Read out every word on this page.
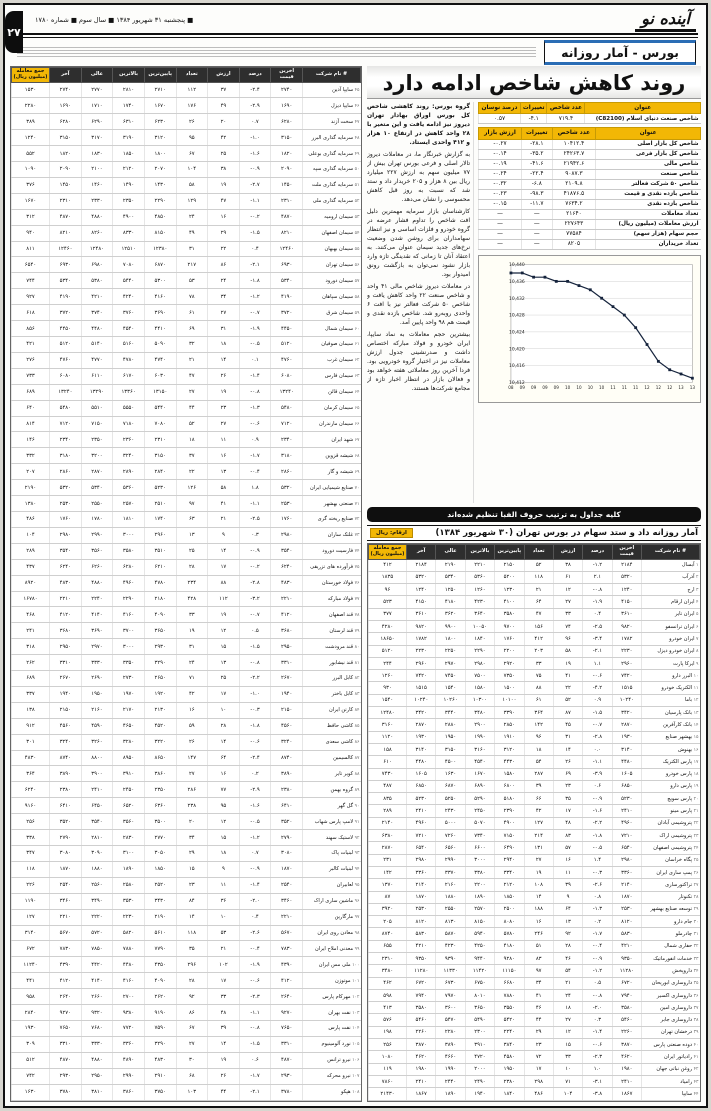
۲۷
آینده نو
■ پنجشنبه ۳۱ شهریور ۱۳۸۴ ■ سال سوم ■ شماره ۱۷۸۰
بورس - آمار روزانه
روند کاهش شاخص ادامه دارد
عنوان	عدد شاخص	تغییرات	درصد نوسان
شاخص صنعت دنیای اسلام (C82100)	۷۱۹.۴	-۴.۱	۰.۵۷
عنوان	عدد شاخص	تغییرات	ارزش بازار
شاخص کل بازار اصلی	۱۰۴۱۲.۴	-۲۸.۱	-۰.۲۷
شاخص کل بازار فرعی	۲۴۲۶۳.۷	-۳۵.۲	-۰.۱۴
شاخص مالی	۲۱۹۴۲.۶	-۴۱.۶	-۰.۱۹
شاخص صنعت	۹۰۸۷.۳	-۲۲.۴	-۰.۲۴
شاخص ۵۰ شرکت فعالتر	۲۱۰۹.۸	-۶.۸	-۰.۳۲
شاخص بازده نقدی و قیمت	۴۱۸۷۶.۵	-۹۸.۳	-۰.۲۳
شاخص بازده نقدی	۷۶۳۴.۲	-۱۱.۷	-۰.۱۵
تعداد معاملات	۲۱۶۴۰	—	—
ارزش معاملات (میلیون ریال)	۲۲۷۶۴۳	—	—
حجم سهام (هزار سهم)	۷۷۵۸۴	—	—
تعداد خریداران	۸۲۰۵	—	—
10,440
10,436
10,432
10,428
10,424
10,420
10,416
10,412
08 09 09 09 09 10 10 10 10 11 11 11 12 12 12 13 13

گروه بورس: روند کاهشی شاخص کل بورس اوراق بهادار تهران دیروز نیز ادامه یافت و این متغیر با ۲۸ واحد کاهش در ارتفاع ۱۰ هزار و ۴۱۲ واحدی ایستاد.

به گزارش خبرنگار ما، در معاملات دیروز تالار اصلی و فرعی بورس تهران بیش از ۷۷ میلیون سهم به ارزش ۲۲۷ میلیارد ریال بین ۸ هزار و ۲۰۵ خریدار داد و ستد شد که نسبت به روز قبل کاهش محسوسی را نشان می‌دهد.

کارشناسان بازار سرمایه مهمترین دلیل افت شاخص را تداوم فشار عرضه در گروه خودرو و فلزات اساسی و نیز انتظار سهامداران برای روشن شدن وضعیت نرخ‌های جدید سیمان عنوان می‌کنند. به اعتقاد آنان تا زمانی که نقدینگی تازه وارد بازار نشود نمی‌توان به بازگشت رونق امیدوار بود.

در معاملات دیروز شاخص مالی ۴۱ واحد و شاخص صنعت ۲۲ واحد کاهش یافت و شاخص ۵۰ شرکت فعالتر نیز با افت ۶ واحدی روبه‌رو شد. شاخص بازده نقدی و قیمت هم ۹۸ واحد پایین آمد.

بیشترین حجم معاملات به نماد سایپا، ایران خودرو و فولاد مبارکه اختصاص داشت و صدرنشینی جدول ارزش معاملات نیز در اختیار گروه خودرویی بود. فردا آخرین روز معاملاتی هفته خواهد بود و فعالان بازار در انتظار اخبار تازه از مجامع شرکت‌ها هستند.

کلیه جداول به ترتیب حروف الفبا تنظیم شده‌اند
آمار روزانه داد و ستد سهام در بورس تهران (۳۰ شهریور ۱۳۸۴)
ارقام: ریال
# نام شرکت	آخرین قیمت	درصد	ارزش	تعداد	پایین‌ترین	بالاترین	عالی	آخر	جمع معامله (میلیون ریال)
۱ آبسال	۲۱۸۴	-۱.۲	۳۸	۵۲	۲۱۵۰	۲۲۱۰	۲۱۹۰	۲۱۸۴	۴۱۲
۲ آذرآب	۵۳۲۰	۲.۱	۶۱	۱۱۸	۵۲۰۰	۵۳۶۰	۵۳۴۰	۵۳۲۰	۱۸۳۵
۳ ارج	۱۲۴۰	-۰.۸	۱۲	۲۱	۱۲۳۰	۱۲۶۰	۱۲۵۰	۱۲۴۰	۹۶
۴ ایران ارقام	۴۱۵۰	-۱.۹	۲۷	۶۴	۴۱۰۰	۴۲۳۰	۴۱۸۰	۴۱۵۰	۵۲۳
۵ ایران تایر	۳۶۱۰	۰.۴	۳۳	۴۷	۳۵۸۰	۳۶۴۰	۳۶۲۰	۳۶۱۰	۳۷۷
۶ ایران ترانسفو	۹۸۲۰	-۲.۵	۷۴	۱۵۶	۹۷۰۰	۱۰۰۵۰	۹۹۰۰	۹۸۲۰	۴۲۸۰
۷ ایران خودرو	۱۷۸۲	-۳.۴	۹۶	۴۱۲	۱۷۶۰	۱۸۴۰	۱۸۰۰	۱۷۸۲	۱۸۶۵۰
۸ ایران خودرو دیزل	۲۲۳۰	-۲.۱	۵۸	۲۰۳	۲۲۰۰	۲۲۹۰	۲۲۵۰	۲۲۳۰	۵۱۲۰
۹ ایرکا پارت	۲۹۶۰	۱.۱	۱۹	۳۳	۲۹۲۰	۲۹۸۰	۲۹۷۰	۲۹۶۰	۲۴۴
۱۰ البرز دارو	۷۴۲۰	-۰.۶	۴۱	۷۵	۷۳۵۰	۷۵۰۰	۷۴۵۰	۷۴۲۰	۱۲۶۰
۱۱ الکتریک خودرو	۱۵۱۵	-۴.۲	۲۲	۸۸	۱۵۰۰	۱۵۸۰	۱۵۴۰	۱۵۱۵	۹۳۰
۱۲ باما	۱۰۲۴۰	۰.۹	۵۲	۶۱	۱۰۱۰۰	۱۰۳۰۰	۱۰۲۶۰	۱۰۲۴۰	۱۵۴۰
۱۳ بانک پارسیان	۳۴۲۰	-۱.۵	۸۷	۳۶۴	۳۳۹۰	۳۴۸۰	۳۴۴۰	۳۴۲۰	۱۲۴۸۰
۱۴ بانک کارآفرین	۲۸۷۰	-۰.۷	۴۵	۱۴۲	۲۸۵۰	۲۹۰۰	۲۸۸۰	۲۸۷۰	۳۱۶۰
۱۵ بهشهر صنایع	۱۹۳۰	-۲.۸	۳۱	۹۶	۱۹۱۰	۱۹۹۰	۱۹۵۰	۱۹۳۰	۱۱۲۰
۱۶ بهنوش	۳۱۴۰	۰.۰	۱۴	۱۸	۳۱۲۰	۳۱۶۰	۳۱۵۰	۳۱۴۰	۱۵۸
۱۷ پارس الکتریک	۴۴۸۰	-۱.۱	۲۶	۵۴	۴۴۳۰	۴۵۴۰	۴۵۰۰	۴۴۸۰	۶۱۰
۱۸ پارس خودرو	۱۶۰۵	-۳.۹	۶۹	۲۸۷	۱۵۸۰	۱۶۷۰	۱۶۳۰	۱۶۰۵	۷۴۳۰
۱۹ پارس دارو	۶۸۵۰	۰.۶	۲۳	۳۹	۶۸۰۰	۶۸۹۰	۶۸۷۰	۶۸۵۰	۴۸۷
۲۰ پارس سویچ	۵۲۳۰	-۰.۹	۳۵	۶۶	۵۱۸۰	۵۲۹۰	۵۲۵۰	۵۲۳۰	۸۳۵
۲۱ پارس مینو	۲۴۱۰	-۱.۶	۱۷	۴۲	۲۳۹۰	۲۴۵۰	۲۴۳۰	۲۴۱۰	۲۸۹
۲۲ پتروشیمی آبادان	۴۹۶۰	-۲.۲	۴۸	۱۲۷	۴۹۰۰	۵۰۷۰	۵۰۰۰	۴۹۶۰	۲۱۴۰
۲۳ پتروشیمی اراک	۷۲۱۰	-۱.۸	۸۳	۲۱۴	۷۱۵۰	۷۳۴۰	۷۲۶۰	۷۲۱۰	۶۳۸۰
۲۴ پتروشیمی اصفهان	۶۵۴۰	-۰.۵	۵۷	۱۳۱	۶۴۹۰	۶۶۰۰	۶۵۶۰	۶۵۴۰	۲۸۷۰
۲۵ پگاه خراسان	۲۹۸۰	۱.۴	۱۶	۲۷	۲۹۴۰	۳۰۰۰	۲۹۹۰	۲۹۸۰	۲۳۱
۲۶ پمپ سازی ایران	۳۳۶۰	-۰.۳	۱۱	۱۹	۳۳۴۰	۳۳۸۰	۳۳۷۰	۳۳۶۰	۱۴۲
۲۷ تراکتورسازی	۲۱۴۰	-۲.۶	۳۹	۱۰۸	۲۱۲۰	۲۲۰۰	۲۱۶۰	۲۱۴۰	۱۳۷۰
۲۸ تکنوتار	۱۸۷۰	۰.۸	۹	۱۴	۱۸۵۰	۱۸۹۰	۱۸۸۰	۱۸۷۰	۸۷
۲۹ توسعه صنایع بهشهر	۲۵۳۰	-۱.۳	۶۴	۱۸۸	۲۵۰۰	۲۵۷۰	۲۵۵۰	۲۵۳۰	۳۹۲۰
۳۰ جام دارو	۸۱۲۰	۰.۲	۱۳	۱۶	۸۰۸۰	۸۱۵۰	۸۱۳۰	۸۱۲۰	۲۰۵
۳۱ چادرملو	۵۸۳۰	-۱.۷	۹۲	۲۴۶	۵۷۸۰	۵۹۴۰	۵۸۷۰	۵۸۳۰	۸۷۴۰
۳۲ حفاری شمال	۴۲۱۰	-۰.۴	۲۸	۵۱	۴۱۸۰	۴۲۵۰	۴۲۳۰	۴۲۱۰	۶۵۵
۳۳ خدمات انفورماتیک	۹۳۵۰	-۰.۹	۴۶	۸۳	۹۲۸۰	۹۴۴۰	۹۳۹۰	۹۳۵۰	۲۳۱۰
۳۴ داروپخش	۱۱۲۸۰	-۱.۲	۵۴	۹۷	۱۱۱۵۰	۱۱۴۲۰	۱۱۳۳۰	۱۱۲۸۰	۳۴۸۰
۳۵ داروسازی ابوریحان	۶۷۲۰	۰.۵	۲۱	۳۴	۶۶۸۰	۶۷۵۰	۶۷۳۰	۶۷۲۰	۴۶۲
۳۶ داروسازی اکسیر	۷۹۴۰	-۰.۸	۲۴	۴۱	۷۸۸۰	۸۰۱۰	۷۹۷۰	۷۹۴۰	۵۹۸
۳۷ داروسازی امین	۳۵۸۰	-۲.۰	۱۸	۴۶	۳۵۵۰	۳۶۵۰	۳۶۰۰	۳۵۸۰	۴۱۳
۳۸ داروسازی جابر	۵۴۶۰	۰.۳	۲۷	۴۴	۵۴۲۰	۵۴۹۰	۵۴۷۰	۵۴۶۰	۵۷۶
۳۹ درخشان تهران	۲۲۶۰	-۱.۴	۱۲	۲۹	۲۲۴۰	۲۳۰۰	۲۲۸۰	۲۲۶۰	۱۹۸
۴۰ دوده صنعتی پارس	۳۸۷۰	-۰.۶	۱۵	۲۳	۳۸۴۰	۳۹۱۰	۳۸۹۰	۳۸۷۰	۲۵۶
۴۱ رادیاتور ایران	۴۶۲۰	-۲.۳	۳۳	۷۲	۴۵۸۰	۴۷۲۰	۴۶۶۰	۴۶۲۰	۱۰۸۰
۴۲ روغن نباتی جهان	۱۹۸۰	۱.۰	۱۰	۱۷	۱۹۵۰	۲۰۰۰	۱۹۹۰	۱۹۸۰	۱۱۹
۴۳ زامیاد	۲۴۱۰	-۳.۱	۷۱	۲۹۸	۲۳۸۰	۲۴۹۰	۲۴۴۰	۲۴۱۰	۷۸۶۰
۴۴ سایپا	۱۸۶۷	-۳.۸	۱۰۴	۴۸۶	۱۸۴۰	۱۹۴۰	۱۸۹۰	۱۸۶۷	۲۱۴۳۰
# نام شرکت	آخرین قیمت	درصد	ارزش	تعداد	پایین‌ترین	بالاترین	عالی	آخر	جمع معامله (میلیون ریال)
۴۵ سایپا آذین	۲۷۴۰	-۲.۴	۳۷	۱۱۲	۲۷۱۰	۲۸۱۰	۲۷۷۰	۲۷۴۰	۱۵۳۰
۴۶ سایپا دیزل	۱۶۹۰	-۲.۹	۴۹	۱۷۶	۱۶۷۰	۱۷۴۰	۱۷۱۰	۱۶۹۰	۲۲۸۰
۴۷ سخت آژند	۶۲۸۰	۰.۷	۲۰	۲۶	۶۲۳۰	۶۳۱۰	۶۲۹۰	۶۲۸۰	۳۸۹
۴۸ سرمایه گذاری البرز	۳۱۵۰	-۱.۰	۴۲	۹۵	۳۱۲۰	۳۱۹۰	۳۱۷۰	۳۱۵۰	۱۲۴۰
۴۹ سرمایه گذاری بوعلی	۱۸۲۰	-۱.۶	۲۵	۶۷	۱۸۰۰	۱۸۵۰	۱۸۳۰	۱۸۲۰	۵۵۲
۵۰ سرمایه گذاری سپه	۲۰۹۰	-۰.۹	۳۸	۱۰۴	۲۰۷۰	۲۱۲۰	۲۱۰۰	۲۰۹۰	۱۰۹۰
۵۱ سرمایه گذاری ملت	۱۴۵۰	-۲.۷	۱۹	۵۸	۱۴۳۰	۱۴۹۰	۱۴۶۰	۱۴۵۰	۳۷۶
۵۲ سرمایه گذاری ملی	۲۳۱۰	-۱.۱	۴۷	۱۲۹	۲۲۹۰	۲۳۵۰	۲۳۳۰	۲۳۱۰	۱۶۷۰
۵۳ سیمان ارومیه	۴۸۷۰	-۰.۲	۱۶	۲۴	۴۸۵۰	۴۹۰۰	۴۸۸۰	۴۸۷۰	۳۱۲
۵۴ سیمان اصفهان	۸۲۱۰	-۱.۵	۲۹	۴۹	۸۱۵۰	۸۳۳۰	۸۲۶۰	۸۲۱۰	۹۴۰
۵۵ سیمان بهبهان	۱۲۴۶۰	۰.۴	۲۲	۳۱	۱۲۳۸۰	۱۲۵۱۰	۱۲۴۸۰	۱۲۴۶۰	۸۱۱
۵۶ سیمان تهران	۶۹۳۰	-۲.۱	۸۶	۲۱۷	۶۸۷۰	۷۰۸۰	۶۹۸۰	۶۹۳۰	۶۵۴۰
۵۷ سیمان دورود	۵۳۴۰	-۱.۸	۲۴	۵۳	۵۳۰۰	۵۴۴۰	۵۳۸۰	۵۳۴۰	۷۴۴
۵۸ سیمان سپاهان	۴۱۹۰	-۱.۲	۳۴	۷۸	۴۱۶۰	۴۲۴۰	۴۲۱۰	۴۱۹۰	۹۲۷
۵۹ سیمان شرق	۳۷۲۰	-۰.۷	۲۷	۶۱	۳۶۹۰	۳۷۶۰	۳۷۴۰	۳۷۲۰	۶۱۸
۶۰ سیمان شمال	۴۴۵۰	-۱.۹	۳۱	۶۹	۴۴۱۰	۴۵۴۰	۴۴۸۰	۴۴۵۰	۸۵۶
۶۱ سیمان صوفیان	۵۱۲۰	-۰.۵	۱۸	۳۲	۵۰۹۰	۵۱۶۰	۵۱۴۰	۵۱۲۰	۴۲۱
۶۲ سیمان غرب	۴۷۶۰	۰.۱	۱۴	۲۱	۴۷۴۰	۴۷۸۰	۴۷۷۰	۴۷۶۰	۲۷۶
۶۳ سیمان فارس	۶۰۸۰	-۱.۴	۲۶	۴۷	۶۰۳۰	۶۱۷۰	۶۱۱۰	۶۰۸۰	۷۳۳
۶۴ سیمان قائن	۱۳۲۴۰	-۰.۸	۱۹	۲۷	۱۳۱۵۰	۱۳۳۶۰	۱۳۲۹۰	۱۳۲۴۰	۶۸۹
۶۵ سیمان کرمان	۵۴۸۰	-۱.۳	۲۳	۴۴	۵۴۴۰	۵۵۵۰	۵۵۱۰	۵۴۸۰	۶۴۰
۶۶ سیمان مازندران	۷۱۲۰	-۰.۶	۲۷	۵۲	۷۰۸۰	۷۱۸۰	۷۱۵۰	۷۱۲۰	۸۱۴
۶۷ شهد ایران	۲۳۴۰	۰.۹	۱۱	۱۸	۲۳۱۰	۲۳۶۰	۲۳۵۰	۲۳۴۰	۱۴۶
۶۸ شیشه قزوین	۳۱۸۰	-۱.۷	۱۶	۳۷	۳۱۵۰	۳۲۴۰	۳۲۰۰	۳۱۸۰	۳۳۲
۶۹ شیشه و گاز	۲۸۶۰	-۰.۴	۱۳	۲۲	۲۸۴۰	۲۸۹۰	۲۸۷۰	۲۸۶۰	۲۰۷
۷۰ صنایع شیمیایی ایران	۵۳۲۰	۱.۸	۵۸	۱۲۶	۵۲۳۰	۵۳۶۰	۵۳۴۰	۵۳۲۰	۲۱۹۰
۷۱ صنعتی بهشهر	۲۵۳۰	-۱.۱	۴۱	۹۷	۲۵۱۰	۲۵۷۰	۲۵۵۰	۲۵۳۰	۱۳۸۰
۷۲ صنایع ریخته گری	۱۷۶۰	-۲.۵	۲۱	۶۳	۱۷۴۰	۱۸۱۰	۱۷۸۰	۱۷۶۰	۴۸۶
۷۳ غلتک سازان	۲۹۸۰	۰.۳	۹	۱۳	۲۹۶۰	۳۰۰۰	۲۹۹۰	۲۹۸۰	۱۰۴
۷۴ فارسیت دورود	۳۵۴۰	-۰.۹	۱۴	۲۵	۳۵۱۰	۳۵۸۰	۳۵۶۰	۳۵۴۰	۲۸۹
۷۵ فرآورده های تزریقی	۶۲۴۰	-۰.۲	۱۷	۲۸	۶۲۱۰	۶۲۸۰	۶۲۶۰	۶۲۴۰	۴۳۷
۷۶ فولاد خوزستان	۴۸۳۰	-۲.۸	۸۸	۲۳۴	۴۷۸۰	۴۹۶۰	۴۸۸۰	۴۸۳۰	۸۹۲۰
۷۷ فولاد مبارکه	۲۲۱۰	-۳.۲	۱۱۲	۴۲۸	۲۱۸۰	۲۲۹۰	۲۲۴۰	۲۲۱۰	۱۶۷۸۰
۷۸ قند اصفهان	۴۱۲۰	-۰.۷	۱۹	۳۳	۴۰۹۰	۴۱۶۰	۴۱۴۰	۴۱۲۰	۴۶۸
۷۹ قند لرستان	۳۶۸۰	۰.۵	۱۲	۱۹	۳۶۵۰	۳۷۰۰	۳۶۹۰	۳۶۸۰	۲۴۱
۸۰ قند مرودشت	۲۹۵۰	-۱.۵	۱۵	۳۱	۲۹۳۰	۳۰۰۰	۲۹۷۰	۲۹۵۰	۳۱۸
۸۱ قند نیشابور	۳۳۱۰	-۰.۸	۱۳	۲۴	۳۲۹۰	۳۳۵۰	۳۳۳۰	۳۳۱۰	۲۶۲
۸۲ کابل البرز	۲۶۷۰	-۲.۲	۲۵	۷۱	۲۶۵۰	۲۷۳۰	۲۶۹۰	۲۶۷۰	۶۸۹
۸۳ کابل باختر	۱۹۴۰	-۱.۰	۱۷	۴۲	۱۹۲۰	۱۹۷۰	۱۹۵۰	۱۹۴۰	۳۳۷
۸۴ کارتن ایران	۲۱۵۰	-۰.۳	۱۰	۱۶	۲۱۳۰	۲۱۷۰	۲۱۶۰	۲۱۵۰	۱۳۸
۸۵ کاشی حافظ	۴۵۶۰	-۱.۸	۲۸	۵۹	۴۵۲۰	۴۶۵۰	۴۵۹۰	۴۵۶۰	۹۱۲
۸۶ کاشی سعدی	۳۲۴۰	-۰.۶	۱۴	۲۶	۳۲۲۰	۳۲۸۰	۳۲۶۰	۳۲۴۰	۳۰۱
۸۷ کالسیمین	۸۷۴۰	-۲.۴	۶۴	۱۴۷	۸۶۵۰	۸۹۵۰	۸۸۰۰	۸۷۴۰	۴۸۳۰
۸۸ کویر تایر	۳۸۹۰	۰.۲	۱۶	۲۷	۳۸۶۰	۳۹۱۰	۳۹۰۰	۳۸۹۰	۳۶۴
۸۹ گروه بهمن	۲۳۸۰	-۲.۹	۷۷	۲۸۶	۲۳۵۰	۲۴۵۰	۲۴۱۰	۲۳۸۰	۶۲۴۰
۹۰ گل گهر	۶۴۱۰	-۱.۶	۹۵	۲۳۸	۶۳۶۰	۶۵۲۰	۶۴۵۰	۶۴۱۰	۹۱۶۰
۹۱ لامپ پارس شهاب	۳۵۲۰	-۰.۵	۱۲	۲۰	۳۵۰۰	۳۵۶۰	۳۵۴۰	۳۵۲۰	۲۵۶
۹۲ لاستیک سهند	۲۷۹۰	-۱.۲	۱۵	۳۴	۲۷۷۰	۲۸۳۰	۲۸۱۰	۲۷۹۰	۳۳۸
۹۳ لبنیات پاک	۳۰۸۰	۰.۷	۱۸	۲۹	۳۰۵۰	۳۱۰۰	۳۰۹۰	۳۰۸۰	۳۴۷
۹۴ لبنیات کالبر	۱۸۷۰	-۰.۹	۹	۱۵	۱۸۵۰	۱۸۹۰	۱۸۸۰	۱۸۷۰	۱۱۸
۹۵ لعابیران	۲۵۴۰	-۱.۴	۱۱	۲۳	۲۵۲۰	۲۵۸۰	۲۵۶۰	۲۵۴۰	۲۲۶
۹۶ ماشین سازی اراک	۳۴۶۰	-۲.۰	۳۶	۸۴	۳۴۳۰	۳۵۳۰	۳۴۹۰	۳۴۶۰	۱۱۹۰
۹۷ مارگارین	۲۲۱۰	۰.۴	۱۰	۱۴	۲۱۹۰	۲۲۳۰	۲۲۲۰	۲۲۱۰	۱۲۷
۹۸ معادن روی ایران	۵۶۷۰	-۲.۶	۵۳	۱۱۸	۵۶۱۰	۵۸۲۰	۵۷۲۰	۵۶۷۰	۳۱۴۰
۹۹ معدنی املاح ایران	۷۸۳۰	-۰.۴	۲۱	۳۵	۷۷۹۰	۷۸۸۰	۷۸۵۰	۷۸۳۰	۶۷۲
۱۰۰ ملی مس ایران	۴۳۹۰	-۱.۹	۱۰۲	۲۹۶	۴۳۵۰	۴۴۸۰	۴۴۲۰	۴۳۹۰	۱۱۲۴۰
۱۰۱ موتوژن	۴۱۲۰	-۰.۶	۱۷	۲۸	۴۰۹۰	۴۱۶۰	۴۱۴۰	۴۱۲۰	۴۴۱
۱۰۲ مهرکام پارس	۲۶۴۰	-۲.۳	۳۳	۹۲	۲۶۲۰	۲۷۰۰	۲۶۶۰	۲۶۴۰	۹۵۸
۱۰۳ نفت بهران	۹۲۷۰	-۱.۱	۴۸	۸۶	۹۱۹۰	۹۳۸۰	۹۳۲۰	۹۲۷۰	۲۸۴۰
۱۰۴ نفت پارس	۷۶۵۰	-۰.۸	۳۹	۶۷	۷۵۹۰	۷۷۲۰	۷۶۸۰	۷۶۵۰	۱۹۳۰
۱۰۵ نورد آلومینیوم	۳۳۱۰	-۱.۵	۱۴	۲۷	۳۲۹۰	۳۳۶۰	۳۳۳۰	۳۳۱۰	۳۰۹
۱۰۶ نیرو ترانس	۴۸۷۰	۰.۶	۱۹	۳۰	۴۸۳۰	۴۸۹۰	۴۸۸۰	۴۸۷۰	۵۱۲
۱۰۷ نیرو محرکه	۲۹۳۰	-۱.۷	۲۶	۶۸	۲۹۱۰	۲۹۹۰	۲۹۵۰	۲۹۳۰	۷۴۲
۱۰۸ هپکو	۳۷۸۰	-۲.۱	۴۴	۱۰۳	۳۷۵۰	۳۸۶۰	۳۸۱۰	۳۷۸۰	۱۶۳۰
